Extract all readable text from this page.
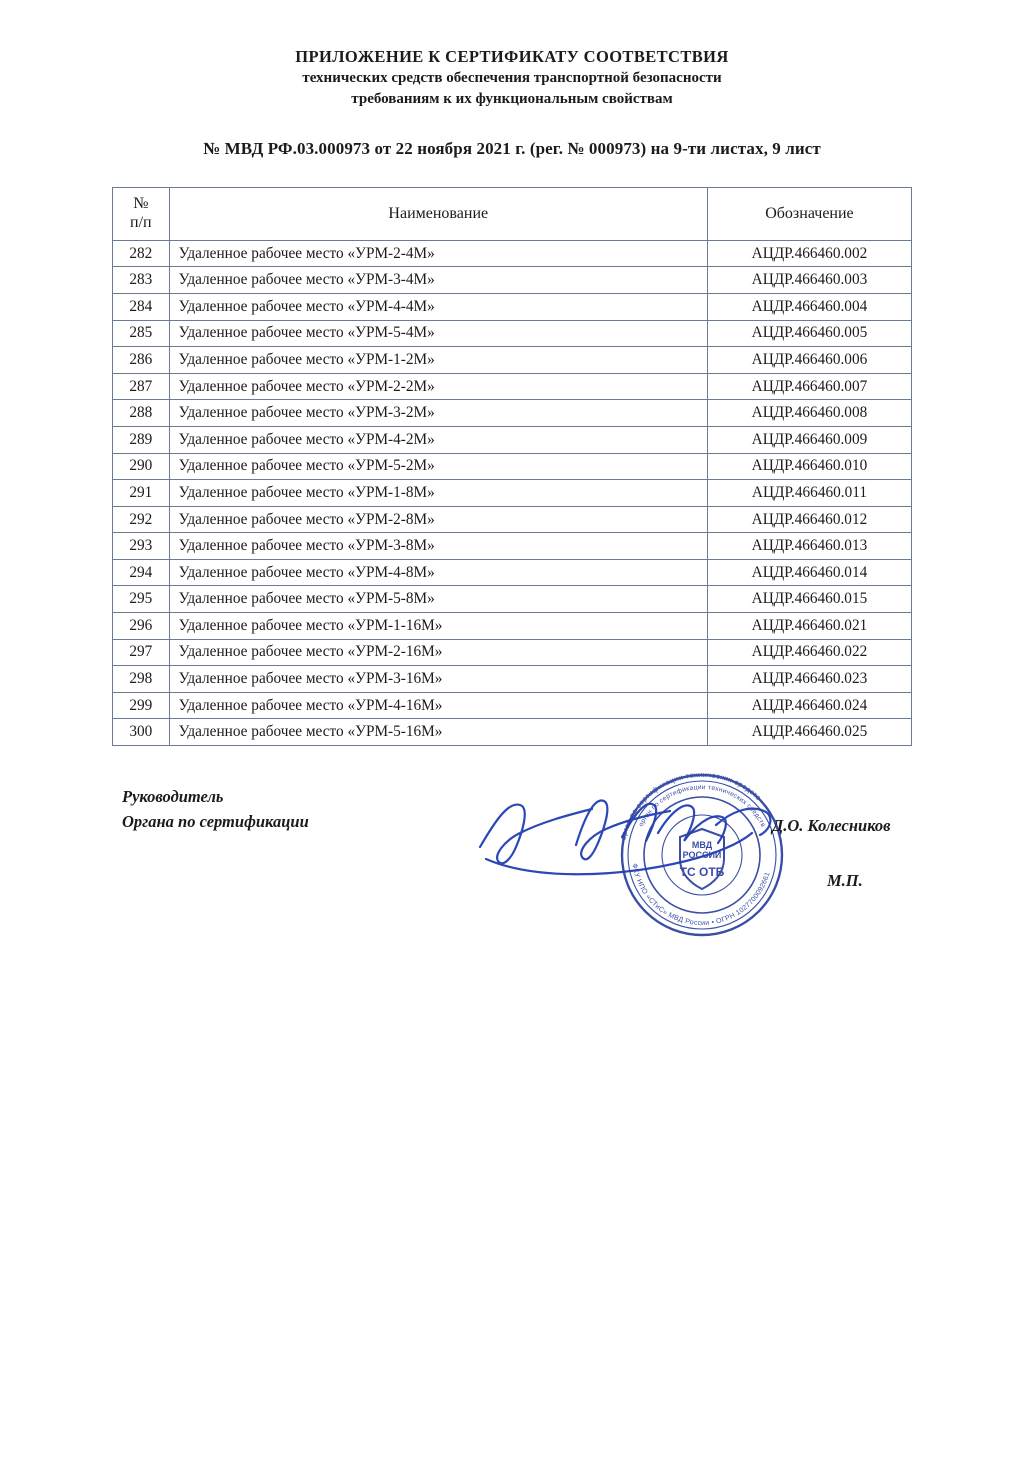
ПРИЛОЖЕНИЕ К СЕРТИФИКАТУ СООТВЕТСТВИЯ
технических средств обеспечения транспортной безопасности
требованиям к их функциональным свойствам
№ МВД РФ.03.000973 от 22 ноября 2021 г. (рег. № 000973) на 9-ти листах, 9 лист
№
п/п	Наименование	Обозначение
282	Удаленное рабочее место «УРМ-2-4М»	АЦДР.466460.002
283	Удаленное рабочее место «УРМ-3-4М»	АЦДР.466460.003
284	Удаленное рабочее место «УРМ-4-4М»	АЦДР.466460.004
285	Удаленное рабочее место «УРМ-5-4М»	АЦДР.466460.005
286	Удаленное рабочее место «УРМ-1-2М»	АЦДР.466460.006
287	Удаленное рабочее место «УРМ-2-2М»	АЦДР.466460.007
288	Удаленное рабочее место «УРМ-3-2М»	АЦДР.466460.008
289	Удаленное рабочее место «УРМ-4-2М»	АЦДР.466460.009
290	Удаленное рабочее место «УРМ-5-2М»	АЦДР.466460.010
291	Удаленное рабочее место «УРМ-1-8М»	АЦДР.466460.011
292	Удаленное рабочее место «УРМ-2-8М»	АЦДР.466460.012
293	Удаленное рабочее место «УРМ-3-8М»	АЦДР.466460.013
294	Удаленное рабочее место «УРМ-4-8М»	АЦДР.466460.014
295	Удаленное рабочее место «УРМ-5-8М»	АЦДР.466460.015
296	Удаленное рабочее место «УРМ-1-16М»	АЦДР.466460.021
297	Удаленное рабочее место «УРМ-2-16М»	АЦДР.466460.022
298	Удаленное рабочее место «УРМ-3-16М»	АЦДР.466460.023
299	Удаленное рабочее место «УРМ-4-16М»	АЦДР.466460.024
300	Удаленное рабочее место «УРМ-5-16М»	АЦДР.466460.025
Руководитель
Органа по сертификации
орган по сертификации технических средств
ФКУ НПО «СТиС» МВД России • ОГРН 1027700092661
орган по сертификации технических средств
МВД
РОССИИ
ТС ОТБ
Д.О. Колесников
М.П.
